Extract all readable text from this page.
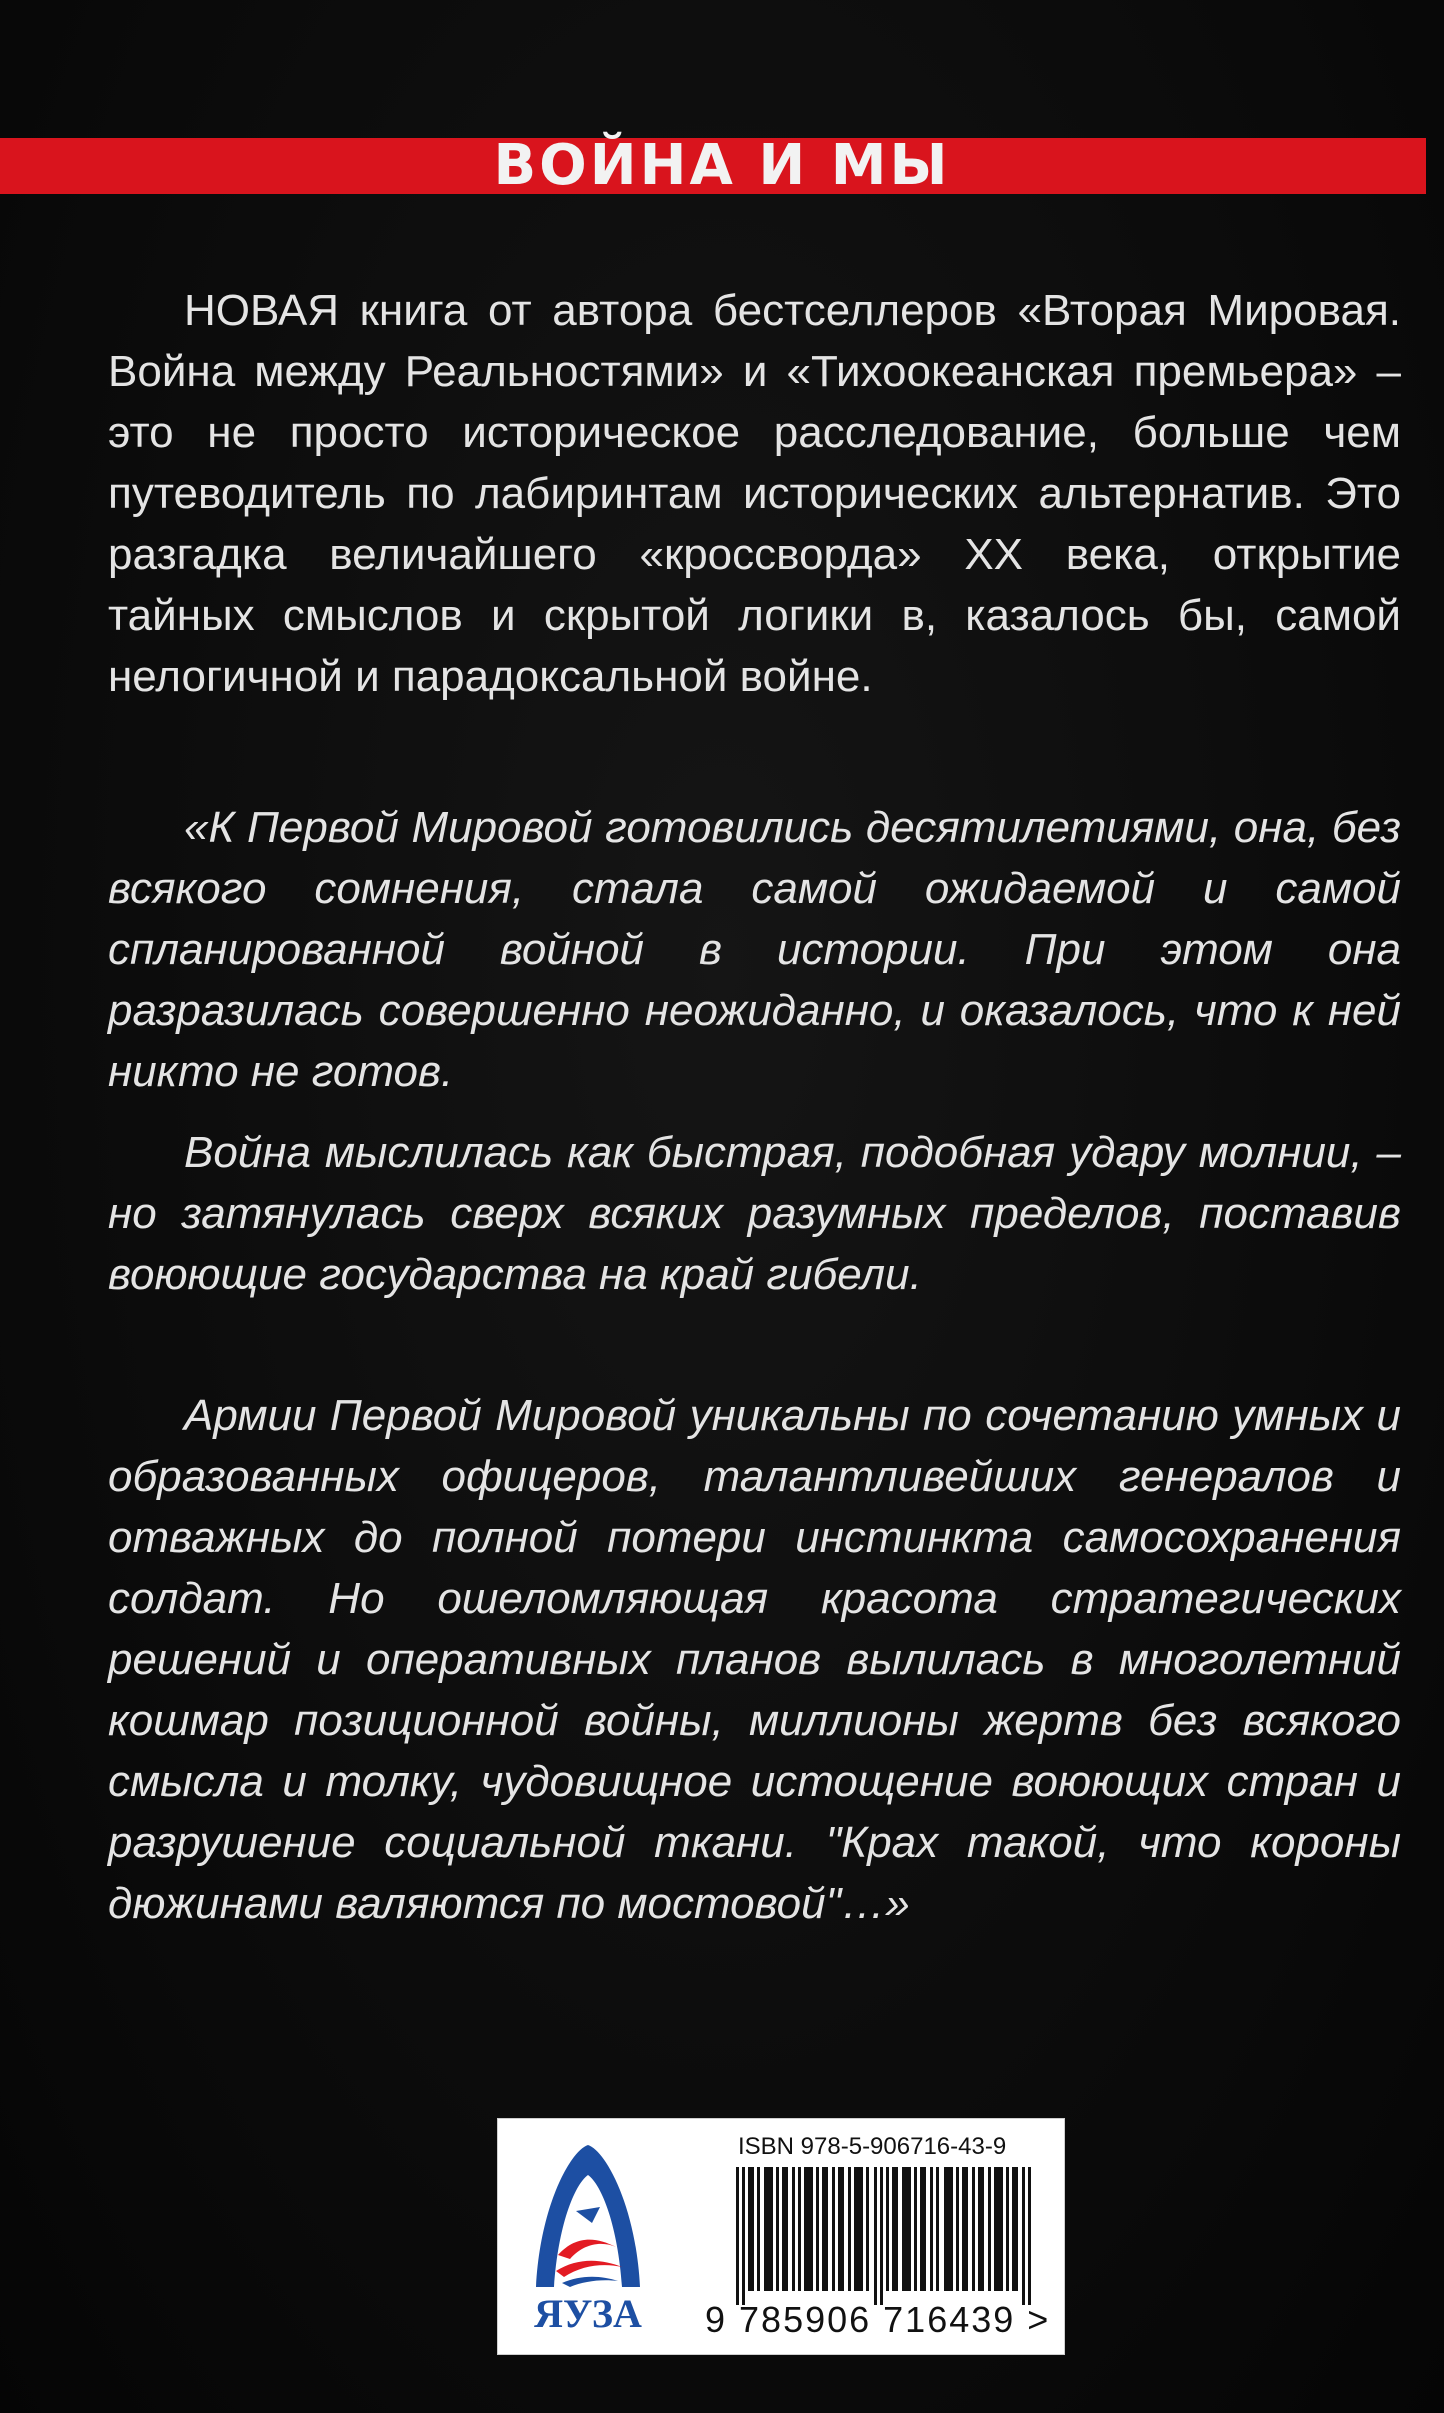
ВОЙНА И МЫ
НОВАЯ книга от автора бестселлеров «Вторая Мировая. Война между Реальностями» и «Тихоокеанская премьера» – это не просто историческое расследование, больше чем путеводитель по лабиринтам исторических альтернатив. Это разгадка величайшего «кроссворда» XX века, открытие тайных смыслов и скрытой логики в, казалось бы, самой нелогичной и парадоксальной войне.

«К Первой Мировой готовились десятилетиями, она, без всякого сомнения, стала самой ожидаемой и самой спланированной войной в истории. При этом она разразилась совершенно неожиданно, и оказалось, что к ней никто не готов.

Война мыслилась как быстрая, подобная удару молнии, – но затянулась сверх всяких разумных пределов, поставив воюющие государства на край гибели.

Армии Первой Мировой уникальны по сочетанию умных и образованных офицеров, талантливейших генералов и отважных до полной потери инстинкта самосохранения солдат. Но ошеломляющая красота стратегических решений и оперативных планов вылилась в многолетний кошмар позиционной войны, миллионы жертв без всякого смысла и толку, чудовищное истощение воюющих стран и разрушение социальной ткани. "Крах такой, что короны дюжинами валяются по мостовой"…»

ЯУЗА
ISBN 978-5-906716-43-9
9 785906 716439 >
